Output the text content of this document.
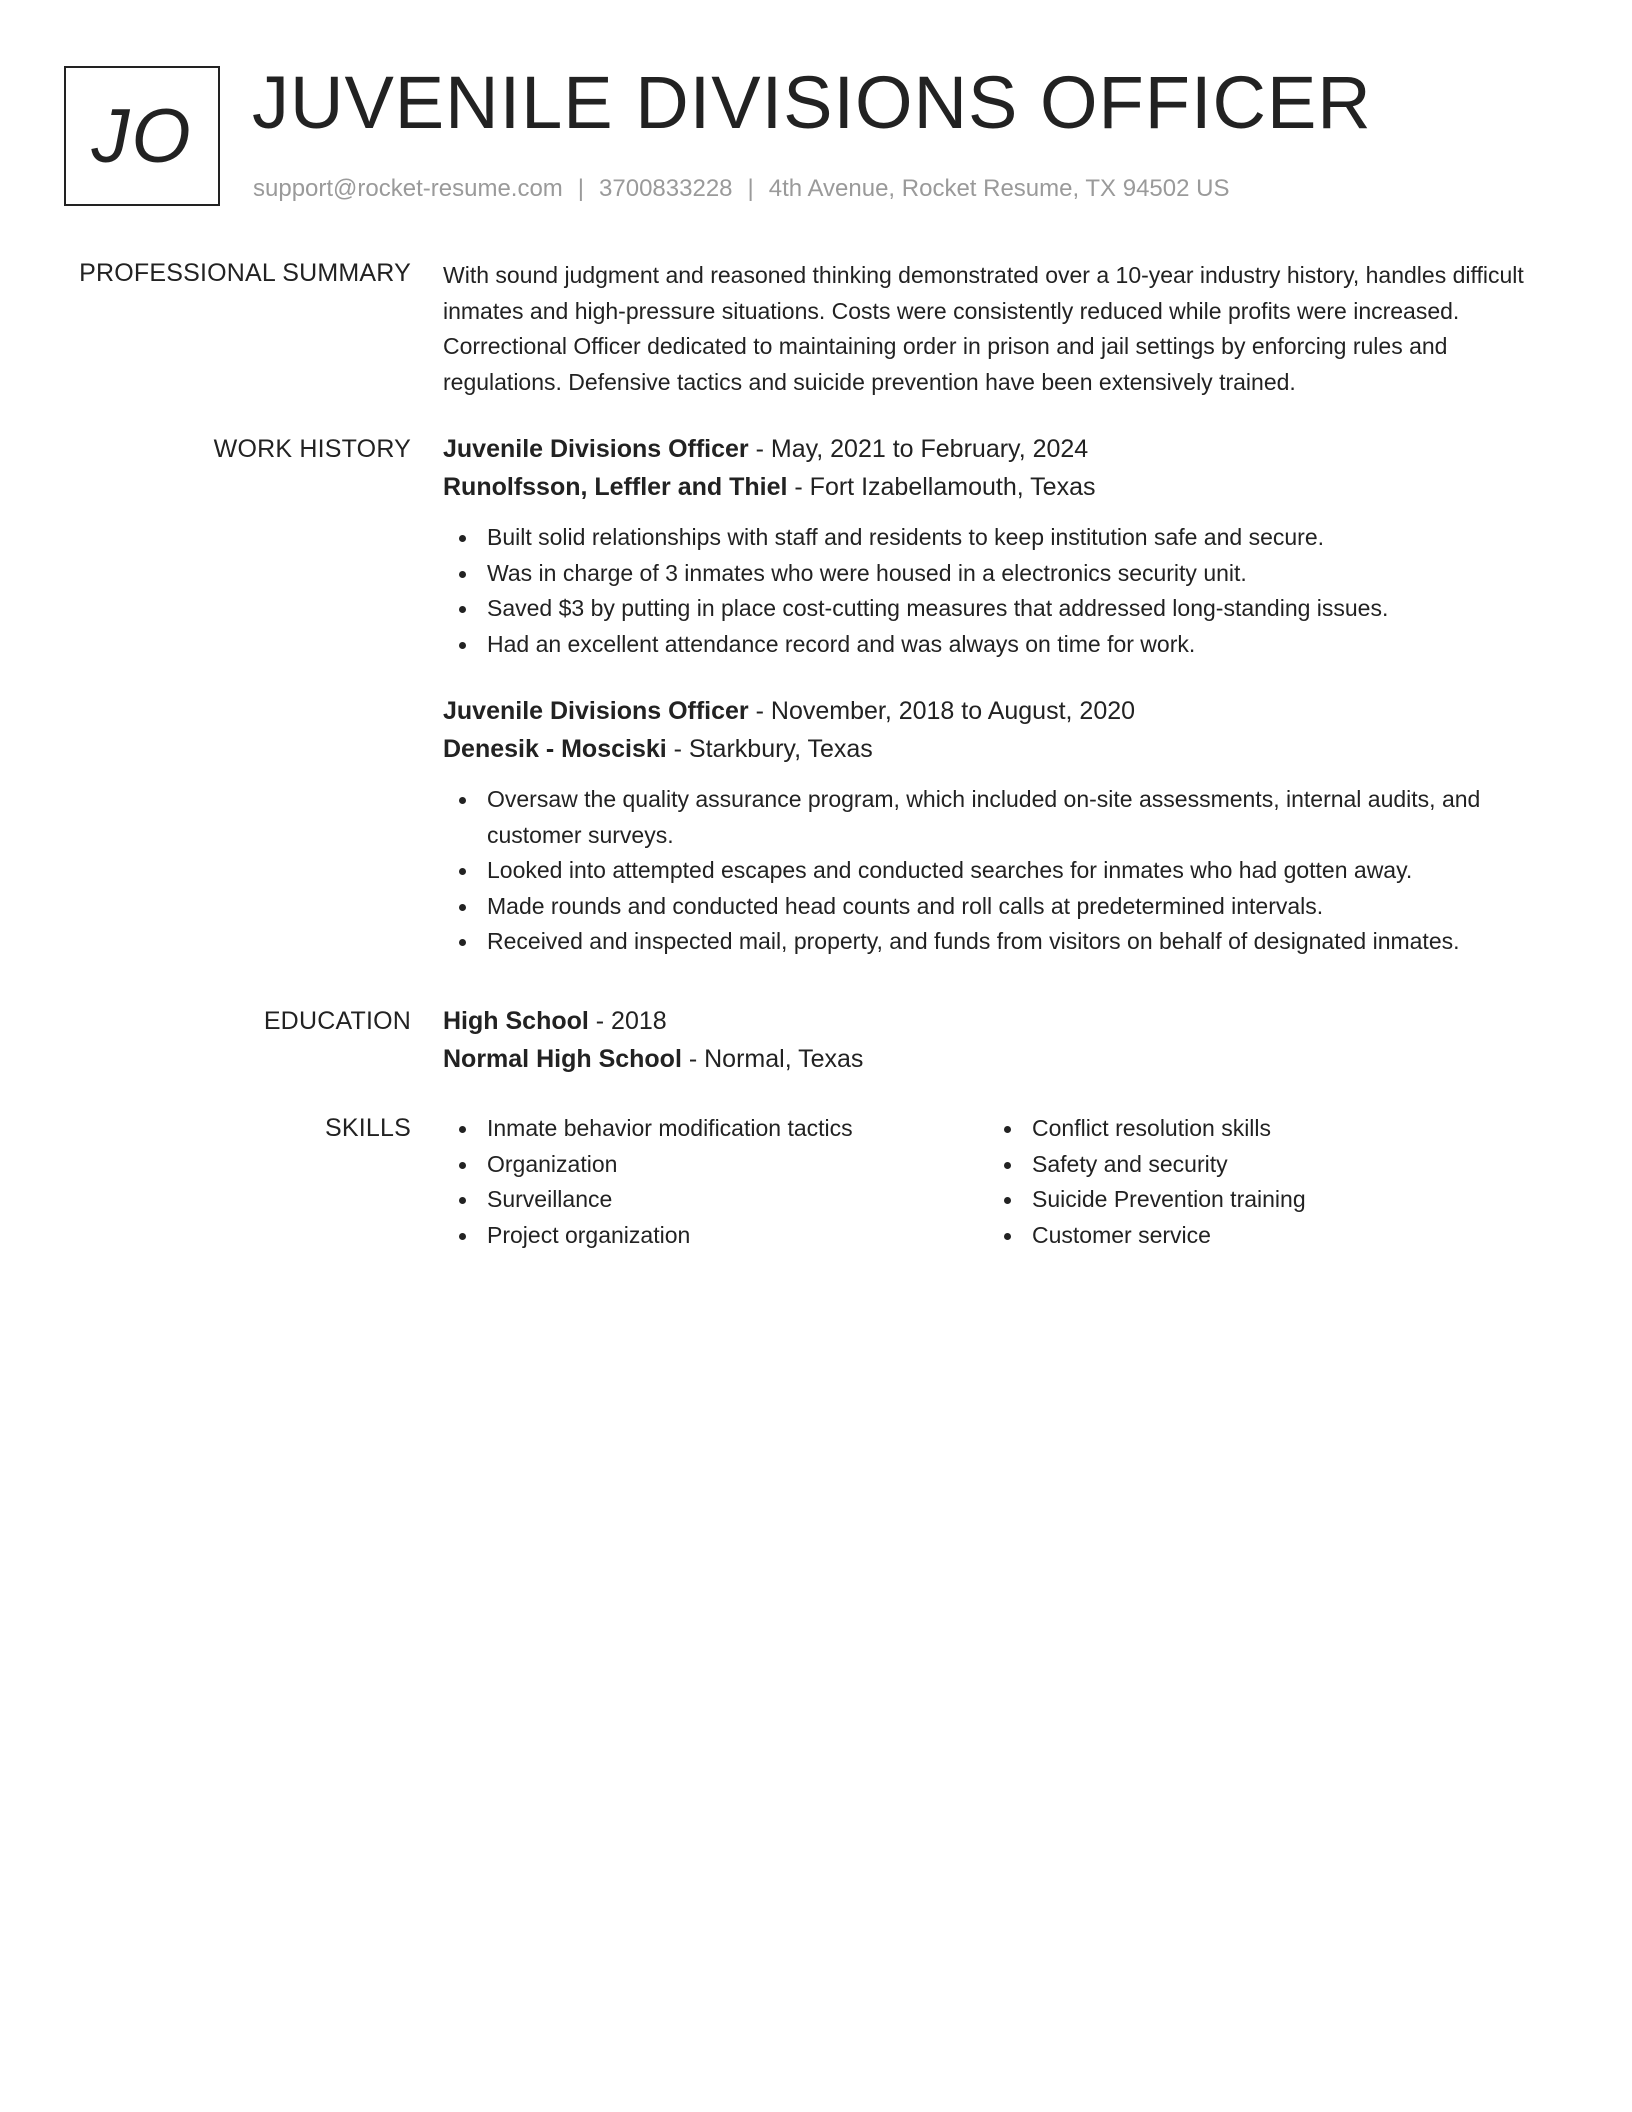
JO JUVENILE DIVISIONS OFFICER
support@rocket-resume.com | 3700833228 | 4th Avenue, Rocket Resume, TX 94502 US
PROFESSIONAL SUMMARY With sound judgment and reasoned thinking demonstrated over a 10-year industry history, handles difficult inmates and high-pressure situations. Costs were consistently reduced while profits were increased. Correctional Officer dedicated to maintaining order in prison and jail settings by enforcing rules and regulations. Defensive tactics and suicide prevention have been extensively trained.
WORK HISTORY Juvenile Divisions Officer - May, 2021 to February, 2024
Runolfsson, Leffler and Thiel - Fort Izabellamouth, Texas
Built solid relationships with staff and residents to keep institution safe and secure.
Was in charge of 3 inmates who were housed in a electronics security unit.
Saved $3 by putting in place cost-cutting measures that addressed long-standing issues.
Had an excellent attendance record and was always on time for work.
Juvenile Divisions Officer - November, 2018 to August, 2020
Denesik - Mosciski - Starkbury, Texas
Oversaw the quality assurance program, which included on-site assessments, internal audits, and customer surveys.
Looked into attempted escapes and conducted searches for inmates who had gotten away.
Made rounds and conducted head counts and roll calls at predetermined intervals.
Received and inspected mail, property, and funds from visitors on behalf of designated inmates.
EDUCATION High School - 2018
Normal High School - Normal, Texas
SKILLS	Inmate behavior modification tactics
Organization
Surveillance
Project organization
Conflict resolution skills
Safety and security
Suicide Prevention training
Customer service
